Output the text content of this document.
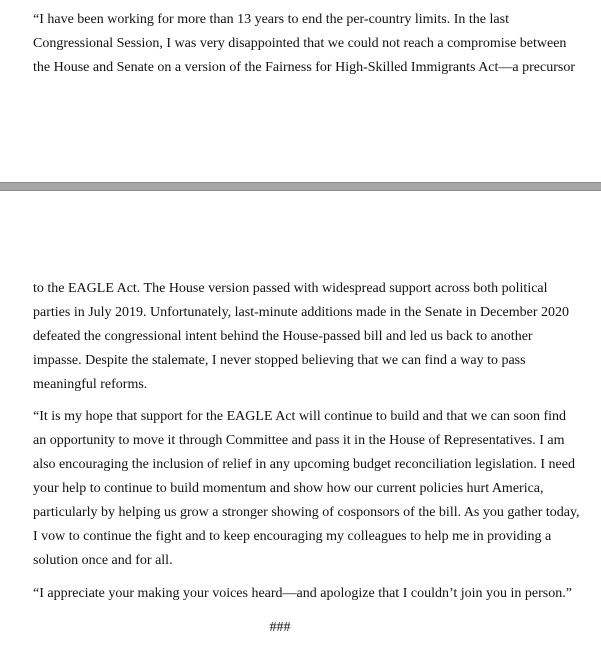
“I have been working for more than 13 years to end the per-country limits. In the last
Congressional Session, I was very disappointed that we could not reach a compromise between
the House and Senate on a version of the Fairness for High-Skilled Immigrants Act—a precursor

to the EAGLE Act. The House version passed with widespread support across both political
parties in July 2019. Unfortunately, last-minute additions made in the Senate in December 2020
defeated the congressional intent behind the House-passed bill and led us back to another
impasse. Despite the stalemate, I never stopped believing that we can find a way to pass
meaningful reforms.

“It is my hope that support for the EAGLE Act will continue to build and that we can soon find
an opportunity to move it through Committee and pass it in the House of Representatives. I am
also encouraging the inclusion of relief in any upcoming budget reconciliation legislation. I need
your help to continue to build momentum and show how our current policies hurt America,
particularly by helping us grow a stronger showing of cosponsors of the bill. As you gather today,
I vow to continue the fight and to keep encouraging my colleagues to help me in providing a
solution once and for all.

“I appreciate your making your voices heard—and apologize that I couldn’t join you in person.”

###
